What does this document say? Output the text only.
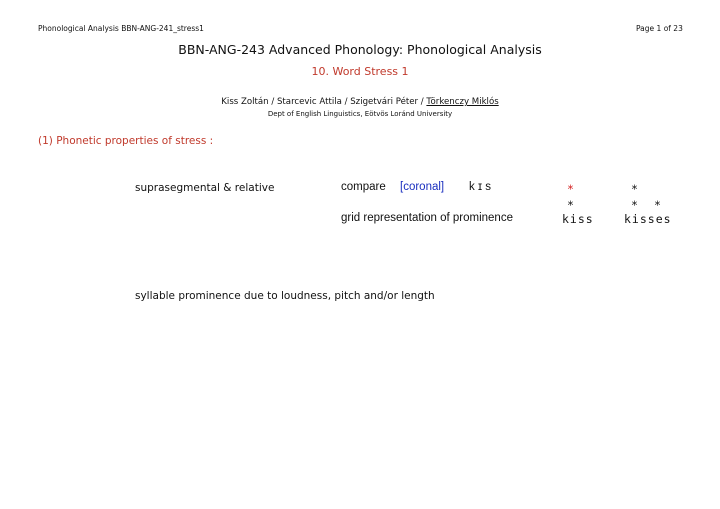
Phonological Analysis BBN-ANG-241_stress1	Page 1 of 23
BBN-ANG-243 Advanced Phonology: Phonological Analysis
10. Word Stress 1
Kiss Zoltán / Starcevic Attila / Szigetvári Péter / Törkenczy Miklós
Dept of English Linguistics, Eötvös Loránd University
(1) Phonetic properties of stress :
suprasegmental & relative	compare [coronal] k ɪ s	*	*
*	* *
grid representation of prominence	kiss	kisses
syllable prominence due to loudness, pitch and/or length
